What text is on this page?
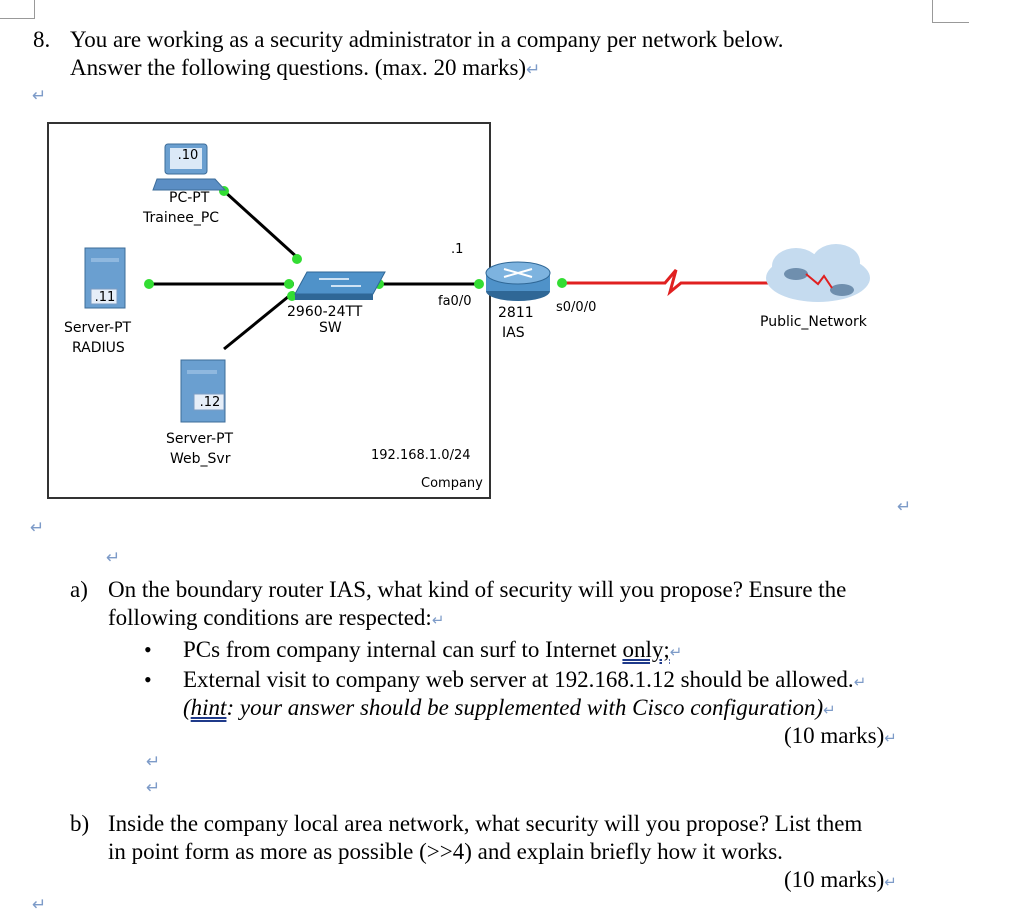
8. You are working as a security administrator in a company per network below.
Answer the following questions. (max. 20 marks)↵
↵
.10
PC-PT
Trainee_PC
.11
Server-PT
RADIUS
.12
Server-PT
Web_Svr
2960-24TT
SW
.1
fa0/0
192.168.1.0/24
Company
2811
IAS
s0/0/0
Public_Network
↵
↵
↵
a) On the boundary router IAS, what kind of security will you propose? Ensure the
following conditions are respected:↵
• PCs from company internal can surf to Internet only;↵
• External visit to company web server at 192.168.1.12 should be allowed.↵
(hint: your answer should be supplemented with Cisco configuration)↵
(10 marks)↵
↵
↵
b) Inside the company local area network, what security will you propose? List them
in point form as more as possible (>>4) and explain briefly how it works.
(10 marks)↵
↵
